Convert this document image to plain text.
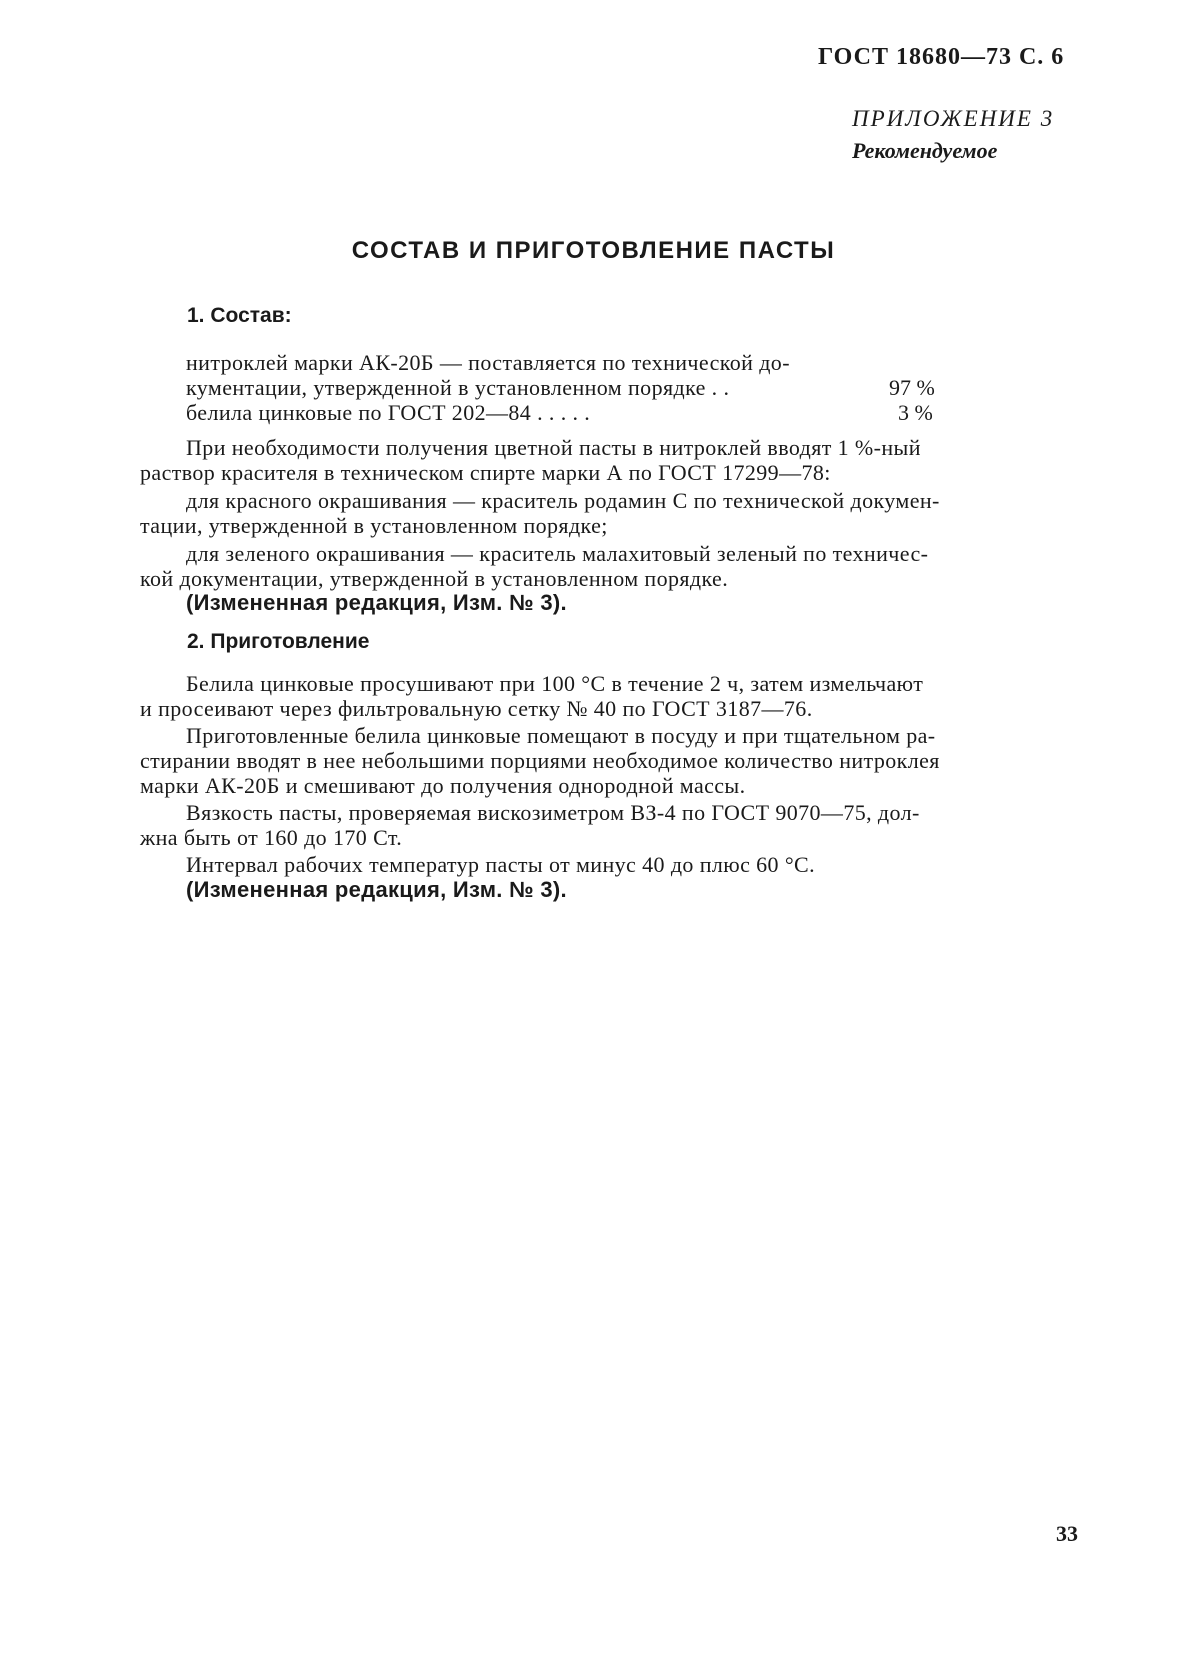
ГОСТ 18680—73 С. 6

ПРИЛОЖЕНИЕ 3

Рекомендуемое

СОСТАВ И ПРИГОТОВЛЕНИЕ ПАСТЫ
1. Состав:

нитроклей марки АК-20Б — поставляется по технической до-

кументации, утвержденной в установленном порядке . .	97 %

белила цинковые по ГОСТ 202—84 . . . . .	3 %

При необходимости получения цветной пасты в нитроклей вводят 1 %-ный

раствор красителя в техническом спирте марки А по ГОСТ 17299—78:

для красного окрашивания — краситель родамин С по технической докумен-

тации, утвержденной в установленном порядке;

для зеленого окрашивания — краситель малахитовый зеленый по техничес-

кой документации, утвержденной в установленном порядке.

(Измененная редакция, Изм. № 3).

2. Приготовление

Белила цинковые просушивают при 100 °С в течение 2 ч, затем измельчают

и просеивают через фильтровальную сетку № 40 по ГОСТ 3187—76.

Приготовленные белила цинковые помещают в посуду и при тщательном ра-

стирании вводят в нее небольшими порциями необходимое количество нитроклея

марки АК-20Б и смешивают до получения однородной массы.

Вязкость пасты, проверяемая вискозиметром ВЗ-4 по ГОСТ 9070—75, дол-

жна быть от 160 до 170 Ст.

Интервал рабочих температур пасты от минус 40 до плюс 60 °С.

(Измененная редакция, Изм. № 3).

33
